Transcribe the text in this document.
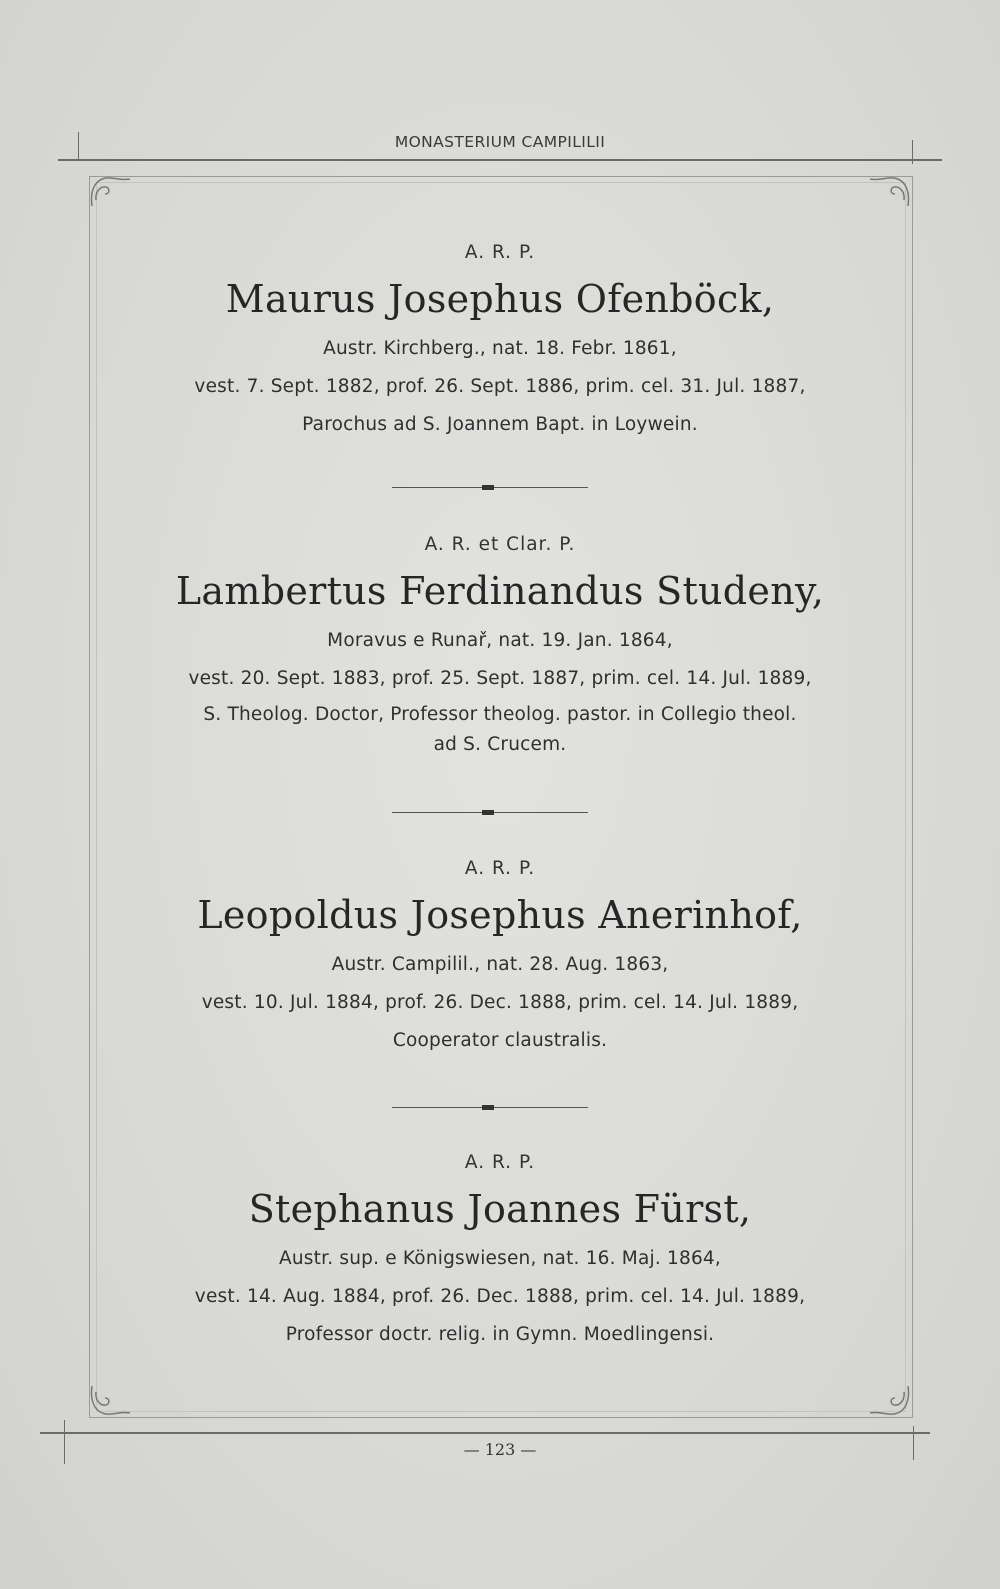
MONASTERIUM CAMPILILII
A. R. P.
Maurus Josephus Ofenböck,
Austr. Kirchberg., nat. 18. Febr. 1861,
vest. 7. Sept. 1882, prof. 26. Sept. 1886, prim. cel. 31. Jul. 1887,
Parochus ad S. Joannem Bapt. in Loywein.
A. R. et Clar. P.
Lambertus Ferdinandus Studeny,
Moravus e Runař, nat. 19. Jan. 1864,
vest. 20. Sept. 1883, prof. 25. Sept. 1887, prim. cel. 14. Jul. 1889,
S. Theolog. Doctor, Professor theolog. pastor. in Collegio theol.
ad S. Crucem.
A. R. P.
Leopoldus Josephus Anerinhof,
Austr. Campilil., nat. 28. Aug. 1863,
vest. 10. Jul. 1884, prof. 26. Dec. 1888, prim. cel. 14. Jul. 1889,
Cooperator claustralis.
A. R. P.
Stephanus Joannes Fürst,
Austr. sup. e Königswiesen, nat. 16. Maj. 1864,
vest. 14. Aug. 1884, prof. 26. Dec. 1888, prim. cel. 14. Jul. 1889,
Professor doctr. relig. in Gymn. Moedlingensi.
— 123 —
